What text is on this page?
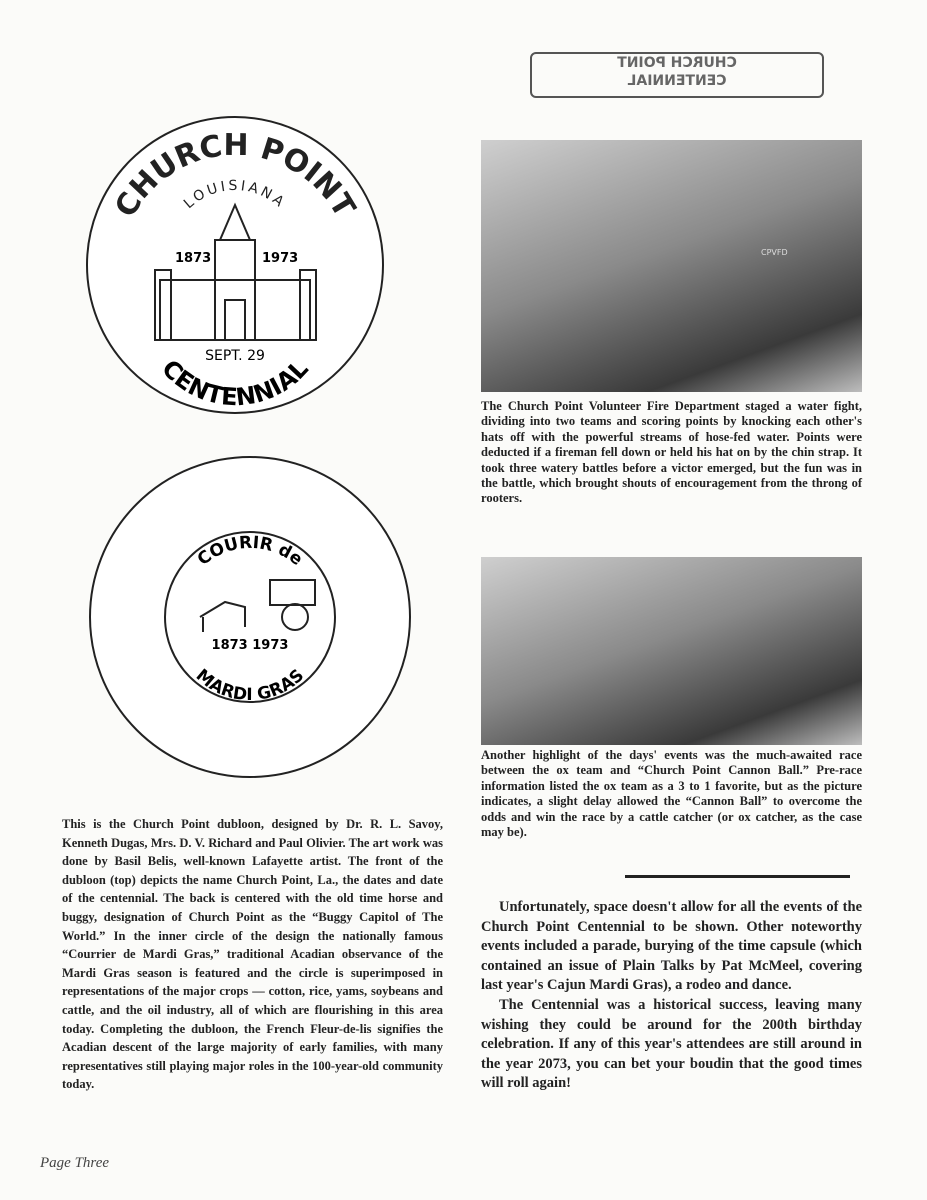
CHURCH POINT
LOUISIANA
1873	1973
SEPT. 29
CENTENNIAL
COURIR de
1873 1973
MARDI GRAS
This is the Church Point dubloon, designed by Dr. R. L. Savoy, Kenneth Dugas, Mrs. D. V. Richard and Paul Olivier. The art work was done by Basil Belis, well-known Lafayette artist. The front of the dubloon (top) depicts the name Church Point, La., the dates and date of the centennial. The back is centered with the old time horse and buggy, designation of Church Point as the “Buggy Capitol of The World.” In the inner circle of the design the nationally famous “Courrier de Mardi Gras,” traditional Acadian observance of the Mardi Gras season is featured and the circle is superimposed in representations of the major crops — cotton, rice, yams, soybeans and cattle, and the oil industry, all of which are flourishing in this area today. Completing the dubloon, the French Fleur-de-lis signifies the Acadian descent of the large majority of early families, with many representatives still playing major roles in the 100-year-old community today.
Page Three
CHURCH POINT
CENTENNIAL
CPVFD
The Church Point Volunteer Fire Department staged a water fight, dividing into two teams and scoring points by knocking each other's hats off with the powerful streams of hose-fed water. Points were deducted if a fireman fell down or held his hat on by the chin strap. It took three watery battles before a victor emerged, but the fun was in the battle, which brought shouts of encouragement from the throng of rooters.
Another highlight of the days' events was the much-awaited race between the ox team and “Church Point Cannon Ball.” Pre-race information listed the ox team as a 3 to 1 favorite, but as the picture indicates, a slight delay allowed the “Cannon Ball” to overcome the odds and win the race by a cattle catcher (or ox catcher, as the case may be).

Unfortunately, space doesn't allow for all the events of the Church Point Centennial to be shown. Other noteworthy events included a parade, burying of the time capsule (which contained an issue of Plain Talks by Pat McMeel, covering last year's Cajun Mardi Gras), a rodeo and dance.

The Centennial was a historical success, leaving many wishing they could be around for the 200th birthday celebration. If any of this year's attendees are still around in the year 2073, you can bet your boudin that the good times will roll again!
